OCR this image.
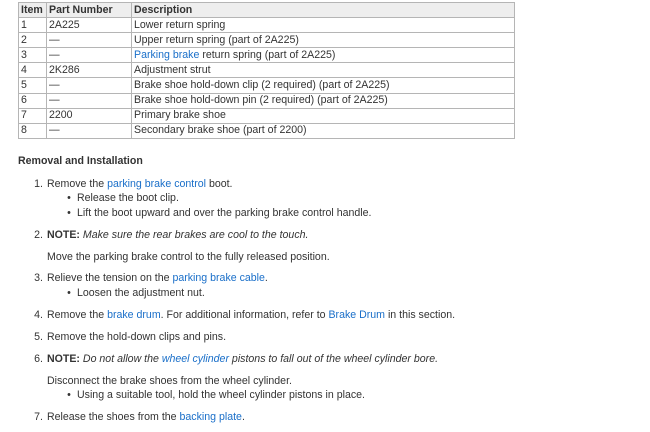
Item	Part Number	Description
1	2A225	Lower return spring
2	—	Upper return spring (part of 2A225)
3	—	Parking brake return spring (part of 2A225)
4	2K286	Adjustment strut
5	—	Brake shoe hold-down clip (2 required) (part of 2A225)
6	—	Brake shoe hold-down pin (2 required) (part of 2A225)
7	2200	Primary brake shoe
8	—	Secondary brake shoe (part of 2200)
Removal and Installation
1. Remove the parking brake control boot.
• Release the boot clip.
• Lift the boot upward and over the parking brake control handle.
2. NOTE: Make sure the rear brakes are cool to the touch.
Move the parking brake control to the fully released position.
3. Relieve the tension on the parking brake cable.
• Loosen the adjustment nut.
4. Remove the brake drum. For additional information, refer to Brake Drum in this section.
5. Remove the hold-down clips and pins.
6. NOTE: Do not allow the wheel cylinder pistons to fall out of the wheel cylinder bore.
Disconnect the brake shoes from the wheel cylinder.
• Using a suitable tool, hold the wheel cylinder pistons in place.
7. Release the shoes from the backing plate.
